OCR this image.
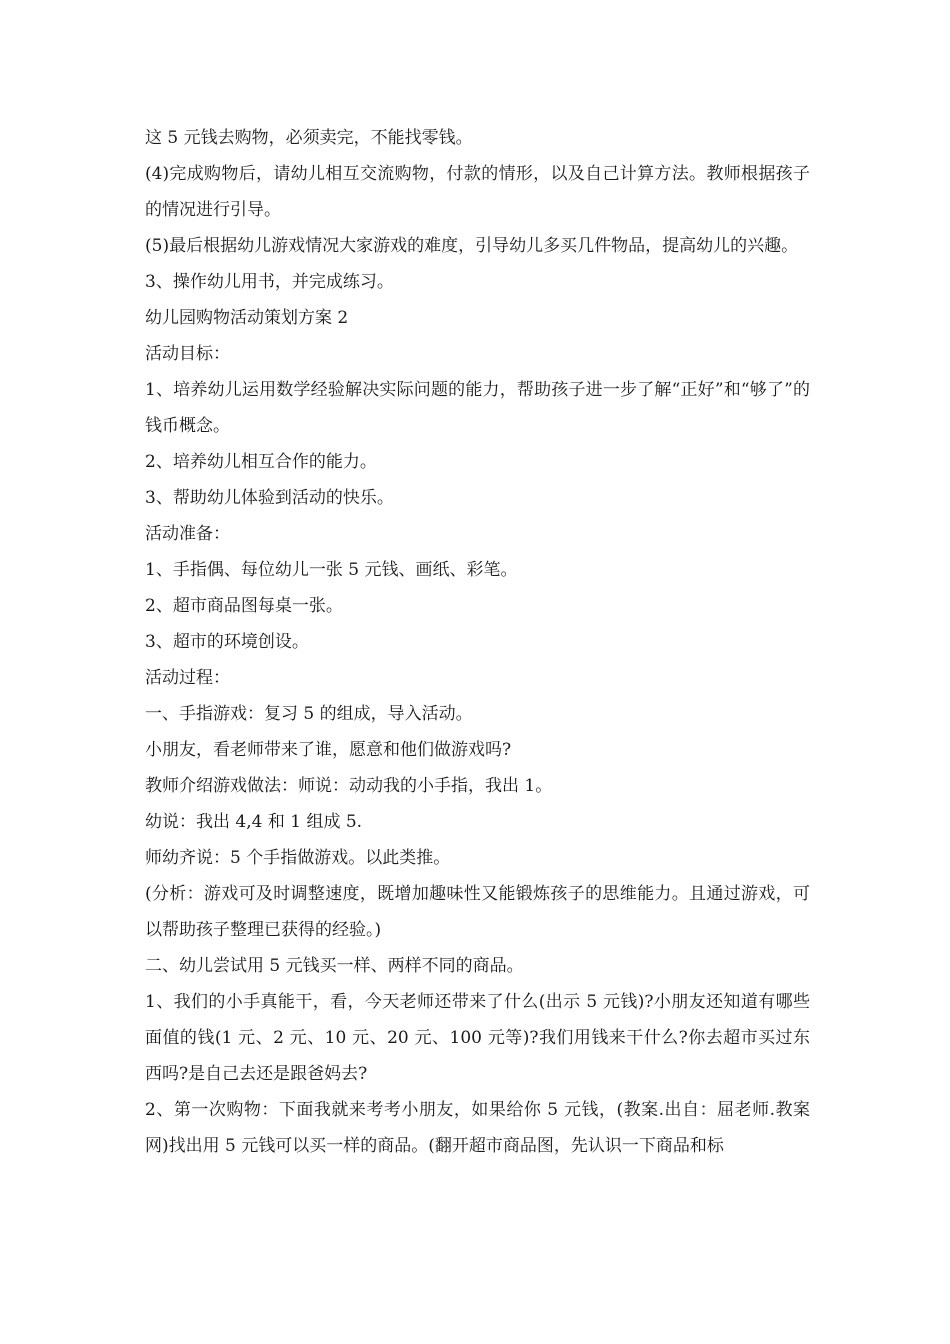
这 5 元钱去购物，必须卖完，不能找零钱。

(4)完成购物后，请幼儿相互交流购物，付款的情形，以及自己计算方法。教师根据孩子的情况进行引导。

(5)最后根据幼儿游戏情况大家游戏的难度，引导幼儿多买几件物品，提高幼儿的兴趣。

3、操作幼儿用书，并完成练习。

幼儿园购物活动策划方案 2

活动目标：

1、培养幼儿运用数学经验解决实际问题的能力，帮助孩子进一步了解“正好”和“够了”的钱币概念。

2、培养幼儿相互合作的能力。

3、帮助幼儿体验到活动的快乐。

活动准备：

1、手指偶、每位幼儿一张 5 元钱、画纸、彩笔。

2、超市商品图每桌一张。

3、超市的环境创设。

活动过程：

一、手指游戏：复习 5 的组成，导入活动。

小朋友，看老师带来了谁，愿意和他们做游戏吗?

教师介绍游戏做法：师说：动动我的小手指，我出 1。

幼说：我出 4,4 和 1 组成 5.

师幼齐说：5 个手指做游戏。以此类推。

(分析：游戏可及时调整速度，既增加趣味性又能锻炼孩子的思维能力。且通过游戏，可以帮助孩子整理已获得的经验。)

二、幼儿尝试用 5 元钱买一样、两样不同的商品。

1、我们的小手真能干，看，今天老师还带来了什么(出示 5 元钱)?小朋友还知道有哪些面值的钱(1 元、2 元、10 元、20 元、100 元等)?我们用钱来干什么?你去超市买过东西吗?是自己去还是跟爸妈去?

2、第一次购物：下面我就来考考小朋友，如果给你 5 元钱，(教案.出自：屈老师.教案网)找出用 5 元钱可以买一样的商品。(翻开超市商品图，先认识一下商品和标
